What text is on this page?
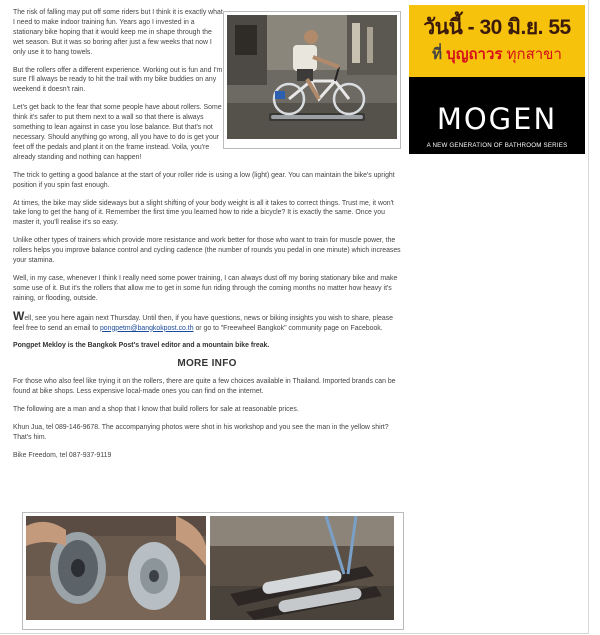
The risk of falling may put off some riders but I think it is exactly what I need to make indoor training fun. Years ago I invested in a stationary bike hoping that it would keep me in shape through the wet season. But it was so boring after just a few weeks that now I only use it to hang towels.

But the rollers offer a different experience. Working out is fun and I'm sure I'll always be ready to hit the trail with my bike buddies on any weekend it doesn't rain.

Let's get back to the fear that some people have about rollers. Some think it's safer to put them next to a wall so that there is always something to lean against in case you lose balance. But that's not necessary. Should anything go wrong, all you have to do is get your feet off the pedals and plant it on the frame instead. Voila, you're already standing and nothing can happen!

The trick to getting a good balance at the start of your roller ride is using a low (light) gear. You can maintain the bike's upright position if you spin fast enough.

At times, the bike may slide sideways but a slight shifting of your body weight is all it takes to correct things. Trust me, it won't take long to get the hang of it. Remember the first time you learned how to ride a bicycle? It is exactly the same. Once you master it, you'll realise it's so easy.

Unlike other types of trainers which provide more resistance and work better for those who want to train for muscle power, the rollers helps you improve balance control and cycling cadence (the number of rounds you pedal in one minute) which increases your stamina.

Well, in my case, whenever I think I really need some power training, I can always dust off my boring stationary bike and make some use of it. But it's the rollers that allow me to get in some fun riding through the coming months no matter how heavy it's raining, or flooding, outside.

Well, see you here again next Thursday. Until then, if you have questions, news or biking insights you wish to share, please feel free to send an email to pongpetm@bangkokpost.co.th or go to "Freewheel Bangkok" community page on Facebook.

Pongpet Mekloy is the Bangkok Post's travel editor and a mountain bike freak.

MORE INFO

For those who also feel like trying it on the rollers, there are quite a few choices available in Thailand. Imported brands can be found at bike shops. Less expensive local-made ones you can find on the internet.

The following are a man and a shop that I know that build rollers for sale at reasonable prices.

Khun Jua, tel 089-146-9678. The accompanying photos were shot in his workshop and you see the man in the yellow shirt? That's him.

Bike Freedom, tel 087-937-9119

วันนี้ - 30 มิ.ย. 55
ที่ บุญถาวร ทุกสาขา
MOGEN
A NEW GENERATION OF BATHROOM SERIES
